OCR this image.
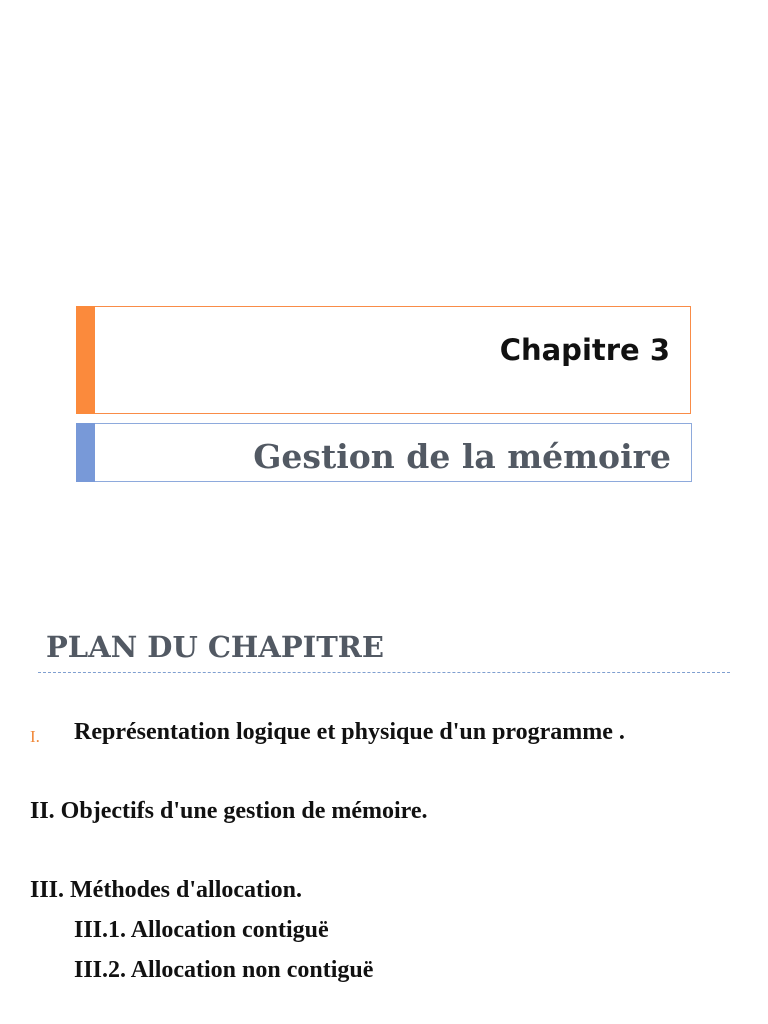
Chapitre 3
Gestion de la mémoire
PLAN DU CHAPITRE
I. Représentation logique et physique d'un programme .

II. Objectifs d'une gestion de mémoire.

III. Méthodes d'allocation.

III.1. Allocation contiguë

III.2. Allocation non contiguë
